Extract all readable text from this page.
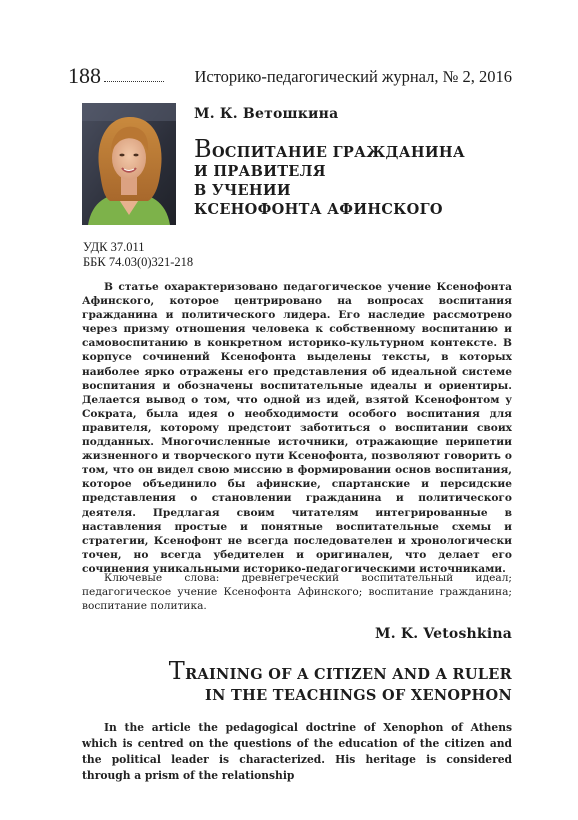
188	Историко-педагогический журнал, № 2, 2016
М. К. Ветошкина
ВОСПИТАНИЕ ГРАЖДАНИНА
И ПРАВИТЕЛЯ
В УЧЕНИИ
КСЕНОФОНТА АФИНСКОГО
УДК 37.011
ББК 74.03(0)321-218

В статье охарактеризовано педагогическое учение Ксенофонта Афинского, которое центрировано на вопросах воспитания гражданина и политического лидера. Его наследие рассмотрено через призму отношения человека к собственному воспитанию и самовоспитанию в конкретном историко-культурном контексте. В корпусе сочинений Ксенофонта выделены тексты, в которых наиболее ярко отражены его представления об идеальной системе воспитания и обозначены воспитательные идеалы и ориентиры. Делается вывод о том, что одной из идей, взятой Ксенофонтом у Сократа, была идея о необходимости особого воспитания для правителя, которому предстоит заботиться о воспитании своих подданных. Многочисленные источники, отражающие перипетии жизненного и творческого пути Ксенофонта, позволяют говорить о том, что он видел свою миссию в формировании основ воспитания, которое объединило бы афинские, спартанские и персидские представления о становлении гражданина и политического деятеля. Предлагая своим читателям интегрированные в наставления простые и понятные воспитательные схемы и стратегии, Ксенофонт не всегда последователен и хронологически точен, но всегда убедителен и оригинален, что делает его сочинения уникальными историко-педагогическими источниками.

Ключевые слова: древнегреческий воспитательный идеал; педагогическое учение Ксенофонта Афинского; воспитание гражданина; воспитание политика.

M. K. Vetoshkina
TRAINING OF A CITIZEN AND A RULER
IN THE TEACHINGS OF XENOPHON

In the article the pedagogical doctrine of Xenophon of Athens which is centred on the questions of the education of the citizen and the political leader is characterized. His heritage is considered through a prism of the relationship
